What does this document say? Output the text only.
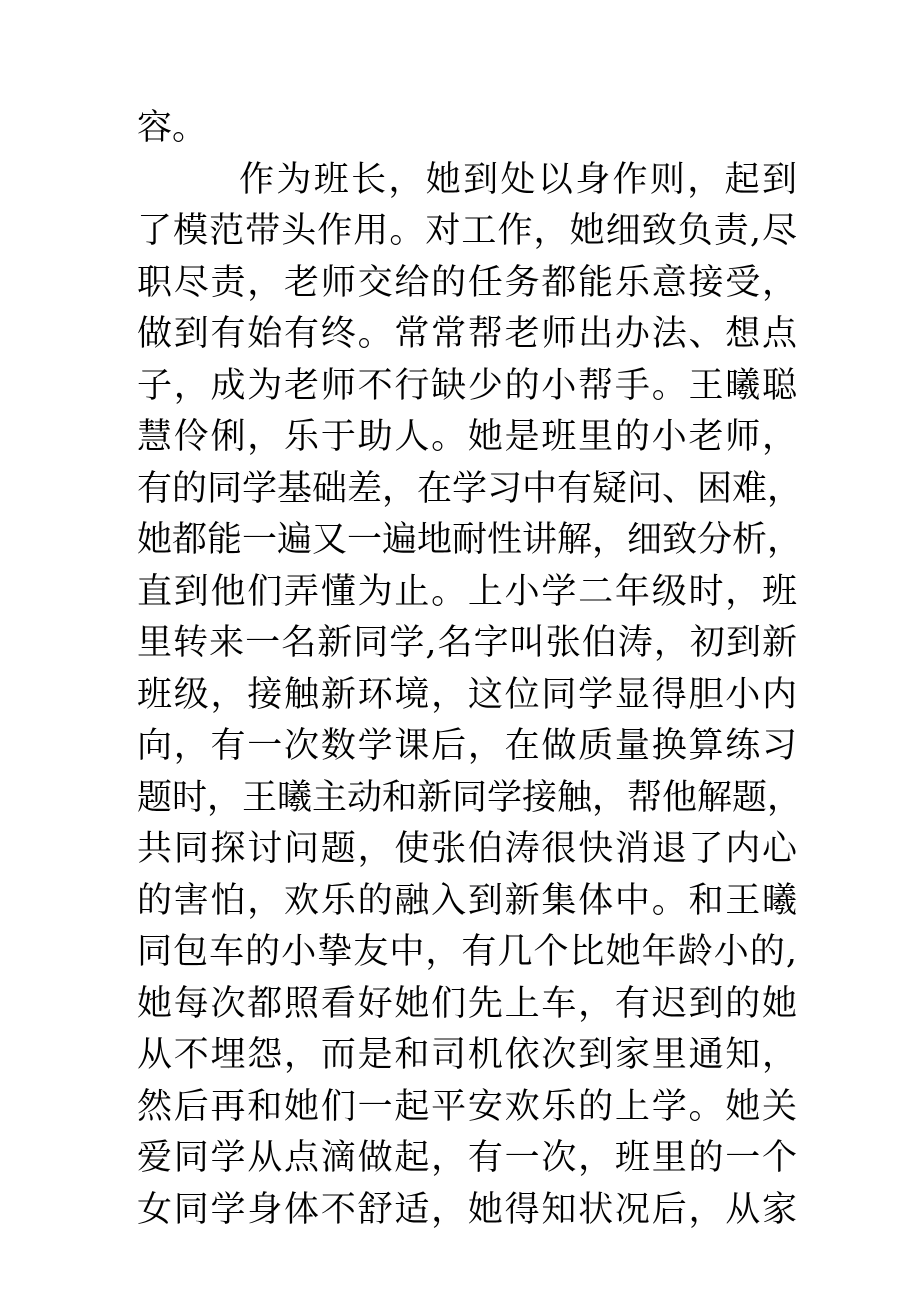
容。
作为班长，她到处以身作则，起到
了模范带头作用。对工作，她细致负责,尽
职尽责，老师交给的任务都能乐意接受，
做到有始有终。常常帮老师出办法、想点
子，成为老师不行缺少的小帮手。王曦聪
慧伶俐，乐于助人。她是班里的小老师，
有的同学基础差，在学习中有疑问、困难，
她都能一遍又一遍地耐性讲解，细致分析，
直到他们弄懂为止。上小学二年级时，班
里转来一名新同学,名字叫张伯涛，初到新
班级，接触新环境，这位同学显得胆小内
向，有一次数学课后，在做质量换算练习
题时，王曦主动和新同学接触，帮他解题，
共同探讨问题，使张伯涛很快消退了内心
的害怕，欢乐的融入到新集体中。和王曦
同包车的小挚友中，有几个比她年龄小的,
她每次都照看好她们先上车，有迟到的她
从不埋怨，而是和司机依次到家里通知，
然后再和她们一起平安欢乐的上学。她关
爱同学从点滴做起，有一次，班里的一个
女同学身体不舒适，她得知状况后，从家
